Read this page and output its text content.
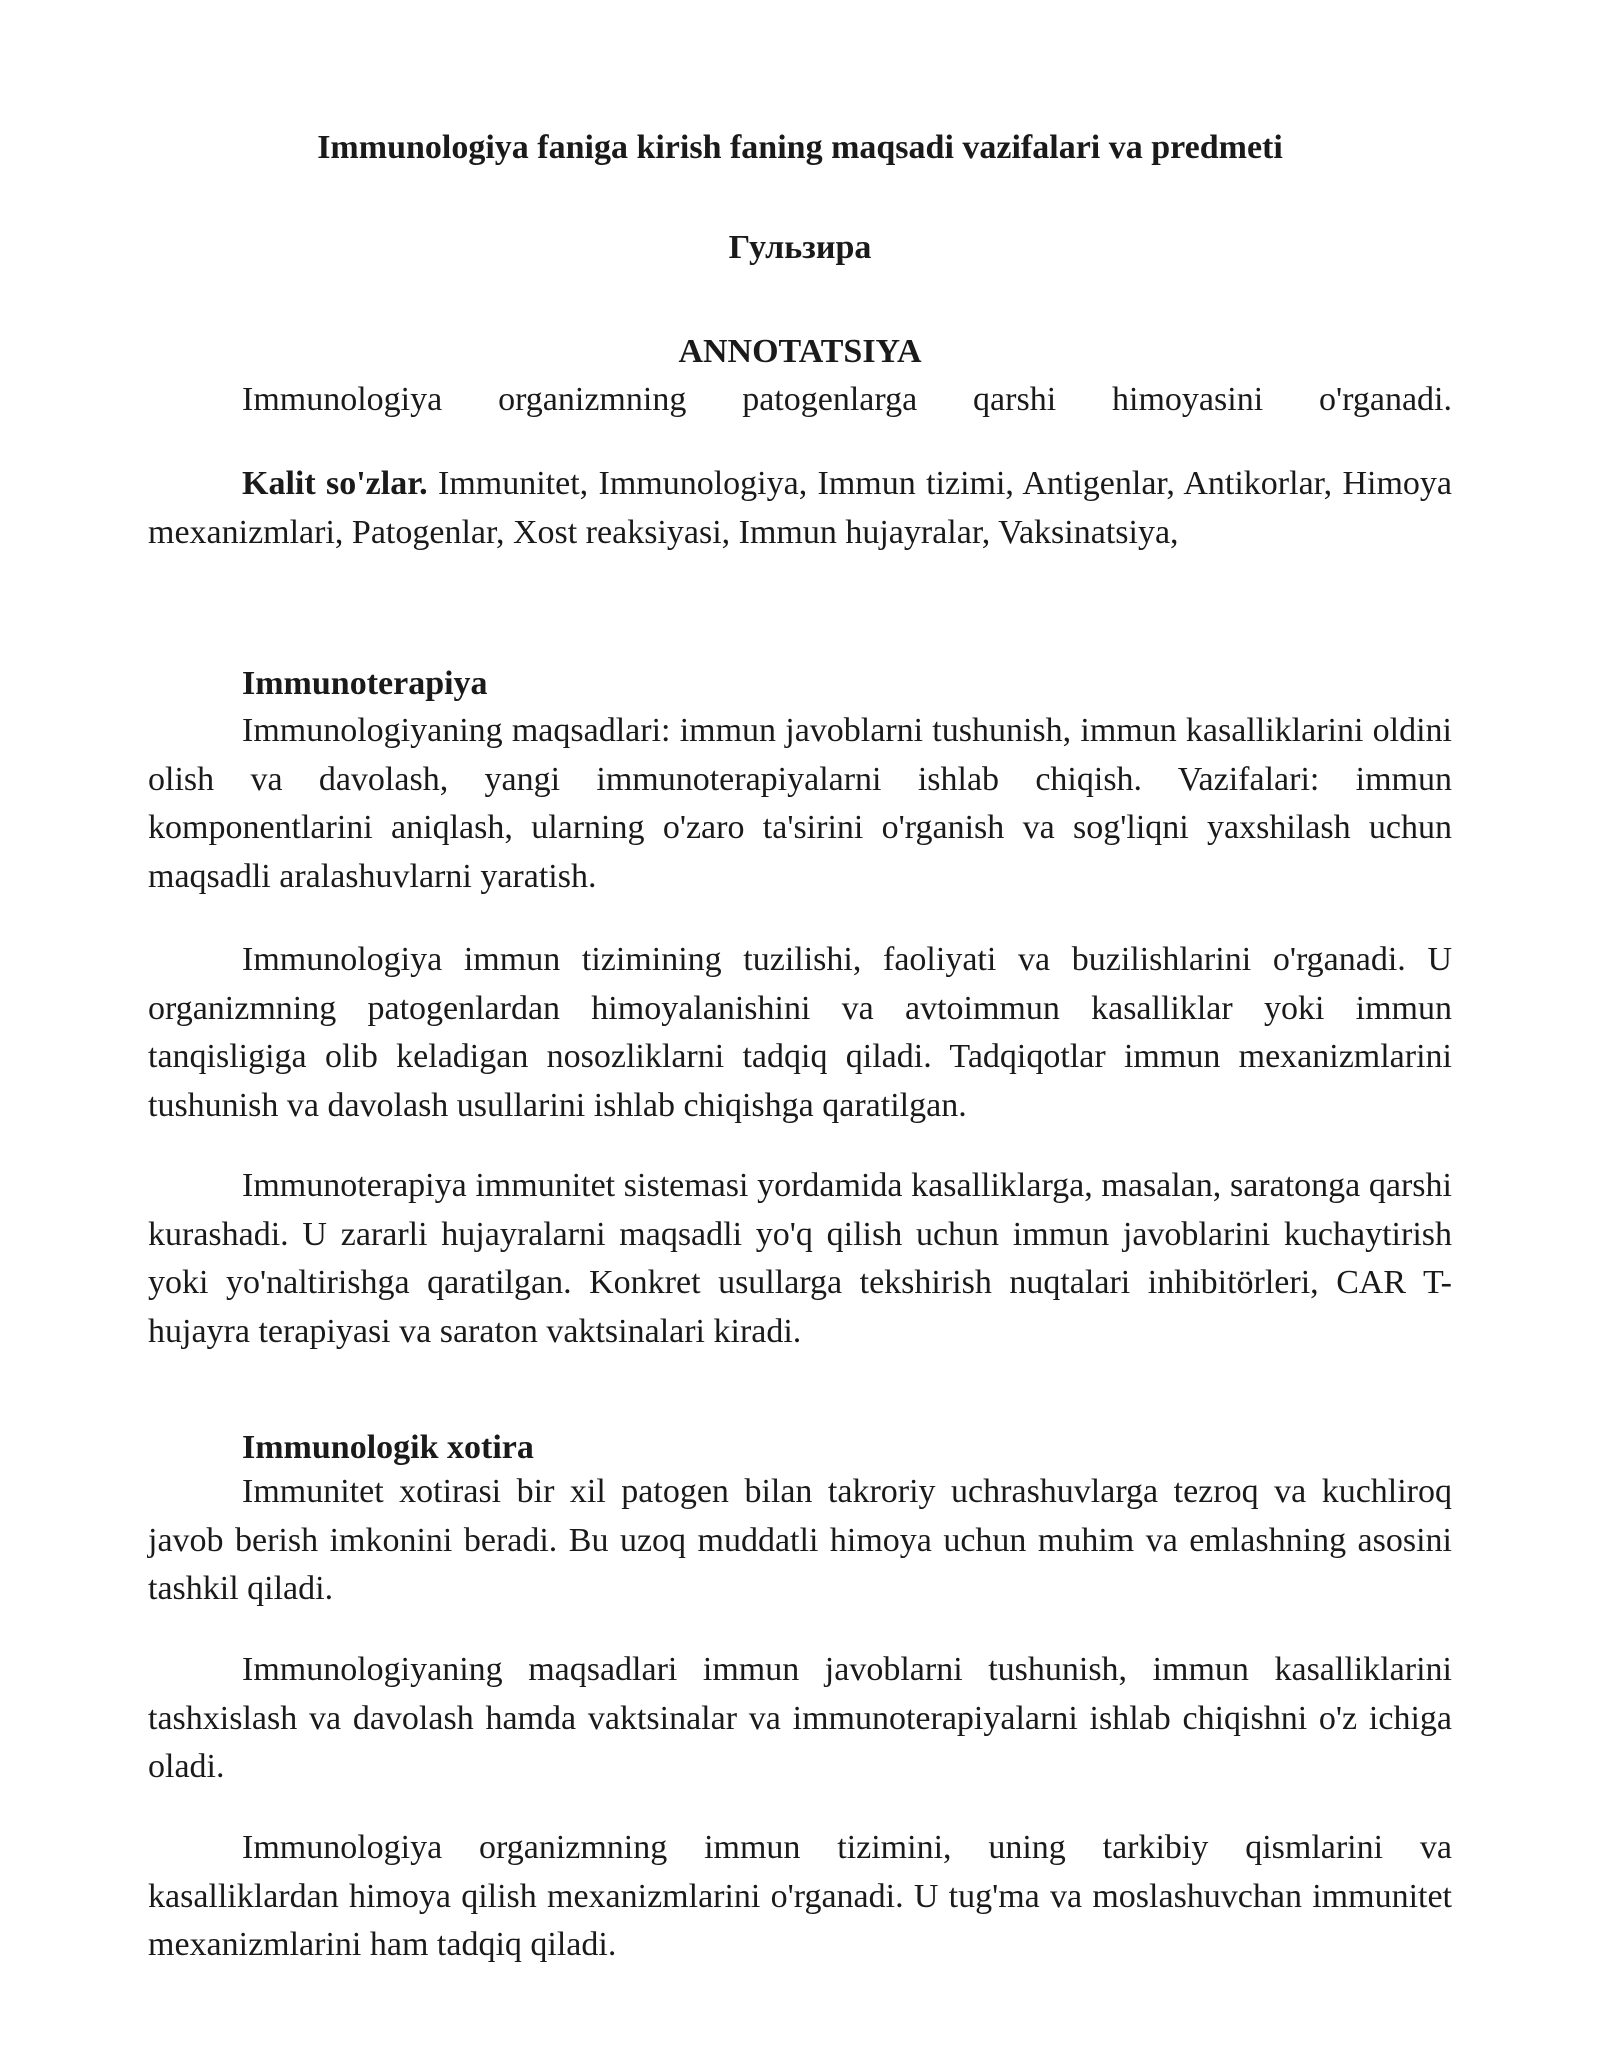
Immunologiya faniga kirish faning maqsadi vazifalari va predmeti
Гульзира
ANNOTATSIYA

Immunologiya organizmning patogenlarga qarshi himoyasini o'rganadi.

Kalit so'zlar. Immunitet, Immunologiya, Immun tizimi, Antigenlar, Antikorlar, Himoya mexanizmlari, Patogenlar, Xost reaksiyasi, Immun hujayralar, Vaksinatsiya,

Immunoterapiya

Immunologiyaning maqsadlari: immun javoblarni tushunish, immun kasalliklarini oldini olish va davolash, yangi immunoterapiyalarni ishlab chiqish. Vazifalari: immun komponentlarini aniqlash, ularning o'zaro ta'sirini o'rganish va sog'liqni yaxshilash uchun maqsadli aralashuvlarni yaratish.

Immunologiya immun tizimining tuzilishi, faoliyati va buzilishlarini o'rganadi. U organizmning patogenlardan himoyalanishini va avtoimmun kasalliklar yoki immun tanqisligiga olib keladigan nosozliklarni tadqiq qiladi. Tadqiqotlar immun mexanizmlarini tushunish va davolash usullarini ishlab chiqishga qaratilgan.

Immunoterapiya immunitet sistemasi yordamida kasalliklarga, masalan, saratonga qarshi kurashadi. U zararli hujayralarni maqsadli yo'q qilish uchun immun javoblarini kuchaytirish yoki yo'naltirishga qaratilgan. Konkret usullarga tekshirish nuqtalari inhibitörleri, CAR T-hujayra terapiyasi va saraton vaktsinalari kiradi.

Immunologik xotira

Immunitet xotirasi bir xil patogen bilan takroriy uchrashuvlarga tezroq va kuchliroq javob berish imkonini beradi. Bu uzoq muddatli himoya uchun muhim va emlashning asosini tashkil qiladi.

Immunologiyaning maqsadlari immun javoblarni tushunish, immun kasalliklarini tashxislash va davolash hamda vaktsinalar va immunoterapiyalarni ishlab chiqishni o'z ichiga oladi.

Immunologiya organizmning immun tizimini, uning tarkibiy qismlarini va kasalliklardan himoya qilish mexanizmlarini o'rganadi. U tug'ma va moslashuvchan immunitet mexanizmlarini ham tadqiq qiladi.
